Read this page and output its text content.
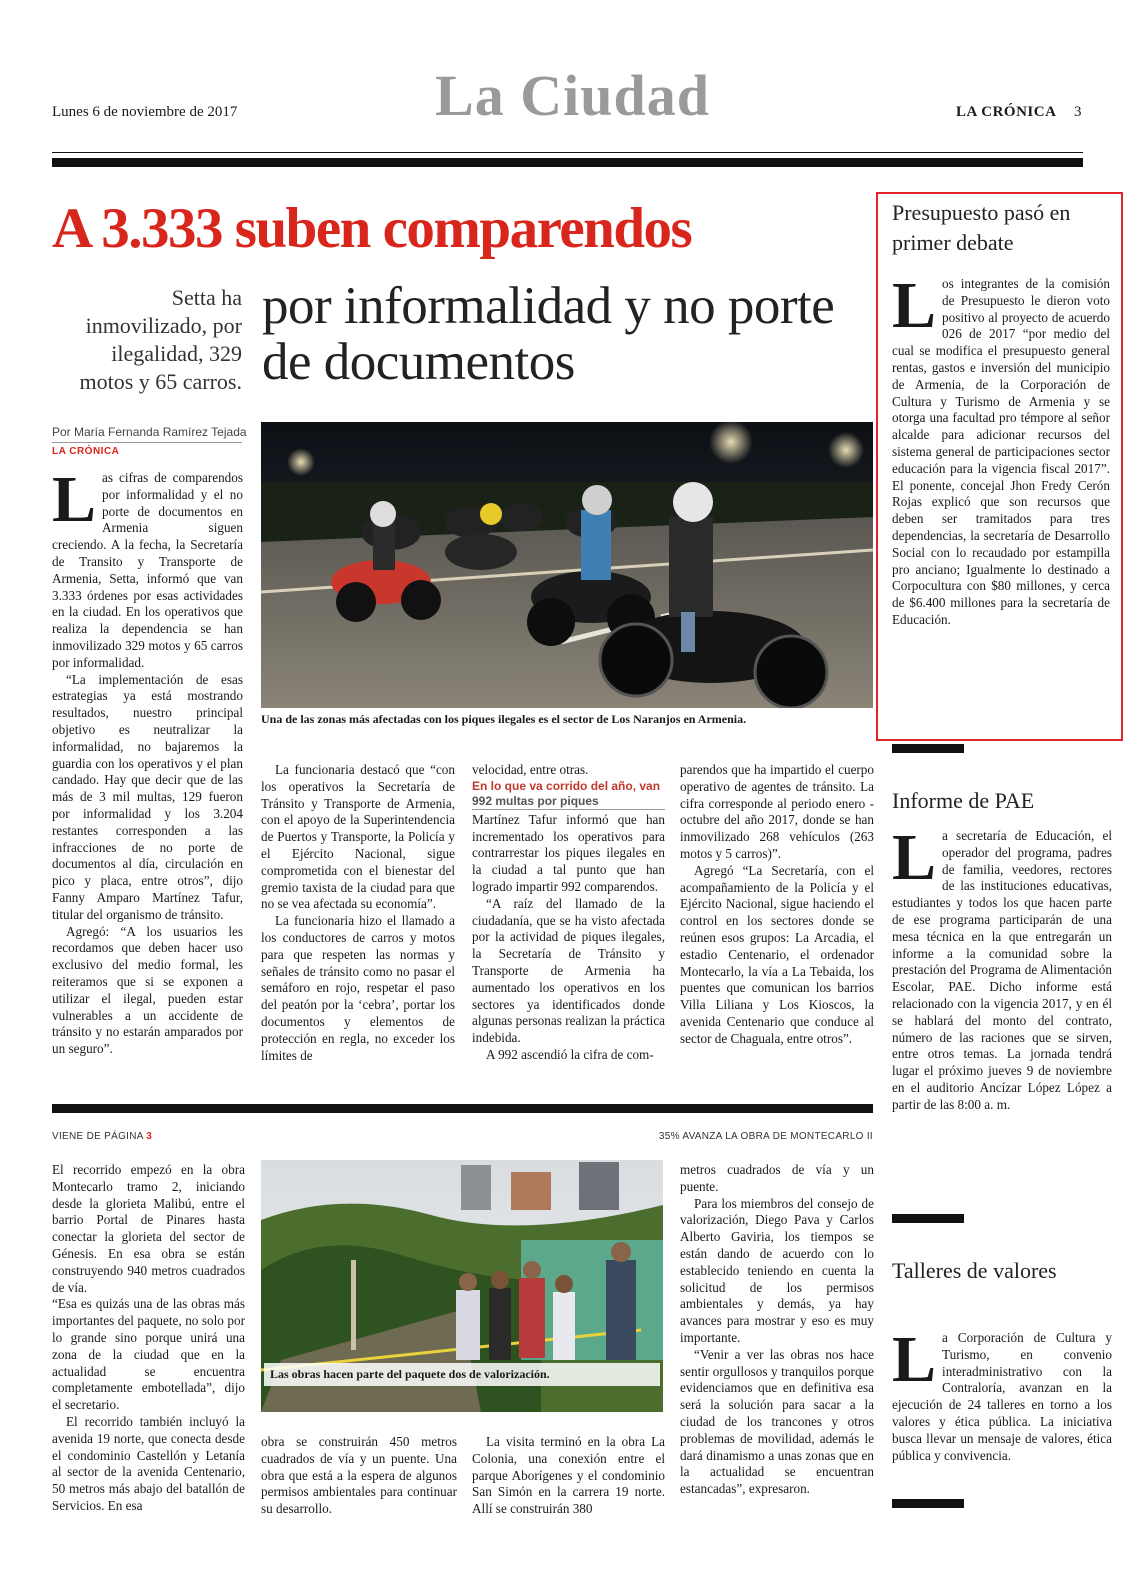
Lunes 6 de noviembre de 2017	La Ciudad	LA CRÓNICA 3
A 3.333 suben comparendos
por informalidad y no porte de documentos
Setta ha inmovilizado, por ilegalidad, 329 motos y 65 carros.
Por María Fernanda Ramírez Tejada
LA CRÓNICA

Las cifras de comparendos por informalidad y el no porte de documentos en Armenia siguen creciendo. A la fecha, la Secretaría de Transito y Transporte de Armenia, Setta, informó que van 3.333 órdenes por esas actividades en la ciudad. En los operativos que realiza la dependencia se han inmovilizado 329 motos y 65 carros por informalidad.

“La implementación de esas estrategias ya está mostrando resultados, nuestro principal objetivo es neutralizar la informalidad, no bajaremos la guardia con los operativos y el plan candado. Hay que decir que de las más de 3 mil multas, 129 fueron por informalidad y los 3.204 restantes corresponden a las infracciones de no porte de documentos al día, circulación en pico y placa, entre otros”, dijo Fanny Amparo Martínez Tafur, titular del organismo de tránsito.

Agregó: “A los usuarios les recordamos que deben hacer uso exclusivo del medio formal, les reiteramos que si se exponen a utilizar el ilegal, pueden estar vulnerables a un accidente de tránsito y no estarán amparados por un seguro”.

Una de las zonas más afectadas con los piques ilegales es el sector de Los Naranjos en Armenia.

La funcionaria destacó que “con los operativos la Secretaría de Tránsito y Transporte de Armenia, con el apoyo de la Superintendencia de Puertos y Transporte, la Policía y el Ejército Nacional, sigue comprometida con el bienestar del gremio taxista de la ciudad para que no se vea afectada su economía”.

La funcionaria hizo el llamado a los conductores de carros y motos para que respeten las normas y señales de tránsito como no pasar el semáforo en rojo, respetar el paso del peatón por la ‘cebra’, portar los documentos y elementos de protección en regla, no exceder los límites de

velocidad, entre otras.

En lo que va corrido del año, van
992 multas por piques

Martínez Tafur informó que han incrementado los operativos para contrarrestar los piques ilegales en la ciudad a tal punto que han logrado impartir 992 comparendos.

“A raíz del llamado de la ciudadanía, que se ha visto afectada por la actividad de piques ilegales, la Secretaría de Tránsito y Transporte de Armenia ha aumentado los operativos en los sectores ya identificados donde algunas personas realizan la práctica indebida.

A 992 ascendió la cifra de com-

parendos que ha impartido el cuerpo operativo de agentes de tránsito. La cifra corresponde al periodo enero - octubre del año 2017, donde se han inmovilizado 268 vehículos (263 motos y 5 carros)”.

Agregó “La Secretaría, con el acompañamiento de la Policía y el Ejército Nacional, sigue haciendo el control en los sectores donde se reúnen esos grupos: La Arcadia, el estadio Centenario, el ordenador Montecarlo, la vía a La Tebaida, los puentes que comunican los barrios Villa Liliana y Los Kioscos, la avenida Centenario que conduce al sector de Chaguala, entre otros”.

Presupuesto pasó en primer debate
Los integrantes de la comisión de Presupuesto le dieron voto positivo al proyecto de acuerdo 026 de 2017 “por medio del cual se modifica el presupuesto general rentas, gastos e inversión del municipio de Armenia, de la Corporación de Cultura y Turismo de Armenia y se otorga una facultad pro témpore al señor alcalde para adicionar recursos del sistema general de participaciones sector educación para la vigencia fiscal 2017”. El ponente, concejal Jhon Fredy Cerón Rojas explicó que son recursos que deben ser tramitados para tres dependencias, la secretaría de Desarrollo Social con lo recaudado por estampilla pro anciano; Igualmente lo destinado a Corpocultura con $80 millones, y cerca de $6.400 millones para la secretaría de Educación.
Informe de PAE
La secretaría de Educación, el operador del programa, padres de familia, veedores, rectores de las instituciones educativas, estudiantes y todos los que hacen parte de ese programa participarán de una mesa técnica en la que entregarán un informe a la comunidad sobre la prestación del Programa de Alimentación Escolar, PAE. Dicho informe está relacionado con la vigencia 2017, y en él se hablará del monto del contrato, número de las raciones que se sirven, entre otros temas. La jornada tendrá lugar el próximo jueves 9 de noviembre en el auditorio Ancízar López López a partir de las 8:00 a. m.
Talleres de valores
La Corporación de Cultura y Turismo, en convenio interadministrativo con la Contraloría, avanzan en la ejecución de 24 talleres en torno a los valores y ética pública. La iniciativa busca llevar un mensaje de valores, ética pública y convivencia.
VIENE DE PÁGINA 3	35% AVANZA LA OBRA DE MONTECARLO II

El recorrido empezó en la obra Montecarlo tramo 2, iniciando desde la glorieta Malibú, entre el barrio Portal de Pinares hasta conectar la glorieta del sector de Génesis. En esa obra se están construyendo 940 metros cuadrados de vía.

“Esa es quizás una de las obras más importantes del paquete, no solo por lo grande sino porque unirá una zona de la ciudad que en la actualidad se encuentra completamente embotellada”, dijo el secretario.

El recorrido también incluyó la avenida 19 norte, que conecta desde el condominio Castellón y Letanía al sector de la avenida Centenario, 50 metros más abajo del batallón de Servicios. En esa

Las obras hacen parte del paquete dos de valorización.

obra se construirán 450 metros cuadrados de vía y un puente. Una obra que está a la espera de algunos permisos ambientales para continuar su desarrollo.

La visita terminó en la obra La Colonia, una conexión entre el parque Aborígenes y el condominio San Simón en la carrera 19 norte. Allí se construirán 380

metros cuadrados de vía y un puente.

Para los miembros del consejo de valorización, Diego Pava y Carlos Alberto Gaviria, los tiempos se están dando de acuerdo con lo establecido teniendo en cuenta la solicitud de los permisos ambientales y demás, ya hay avances para mostrar y eso es muy importante.

“Venir a ver las obras nos hace sentir orgullosos y tranquilos porque evidenciamos que en definitiva esa será la solución para sacar a la ciudad de los trancones y otros problemas de movilidad, además le dará dinamismo a unas zonas que en la actualidad se encuentran estancadas”, expresaron.
